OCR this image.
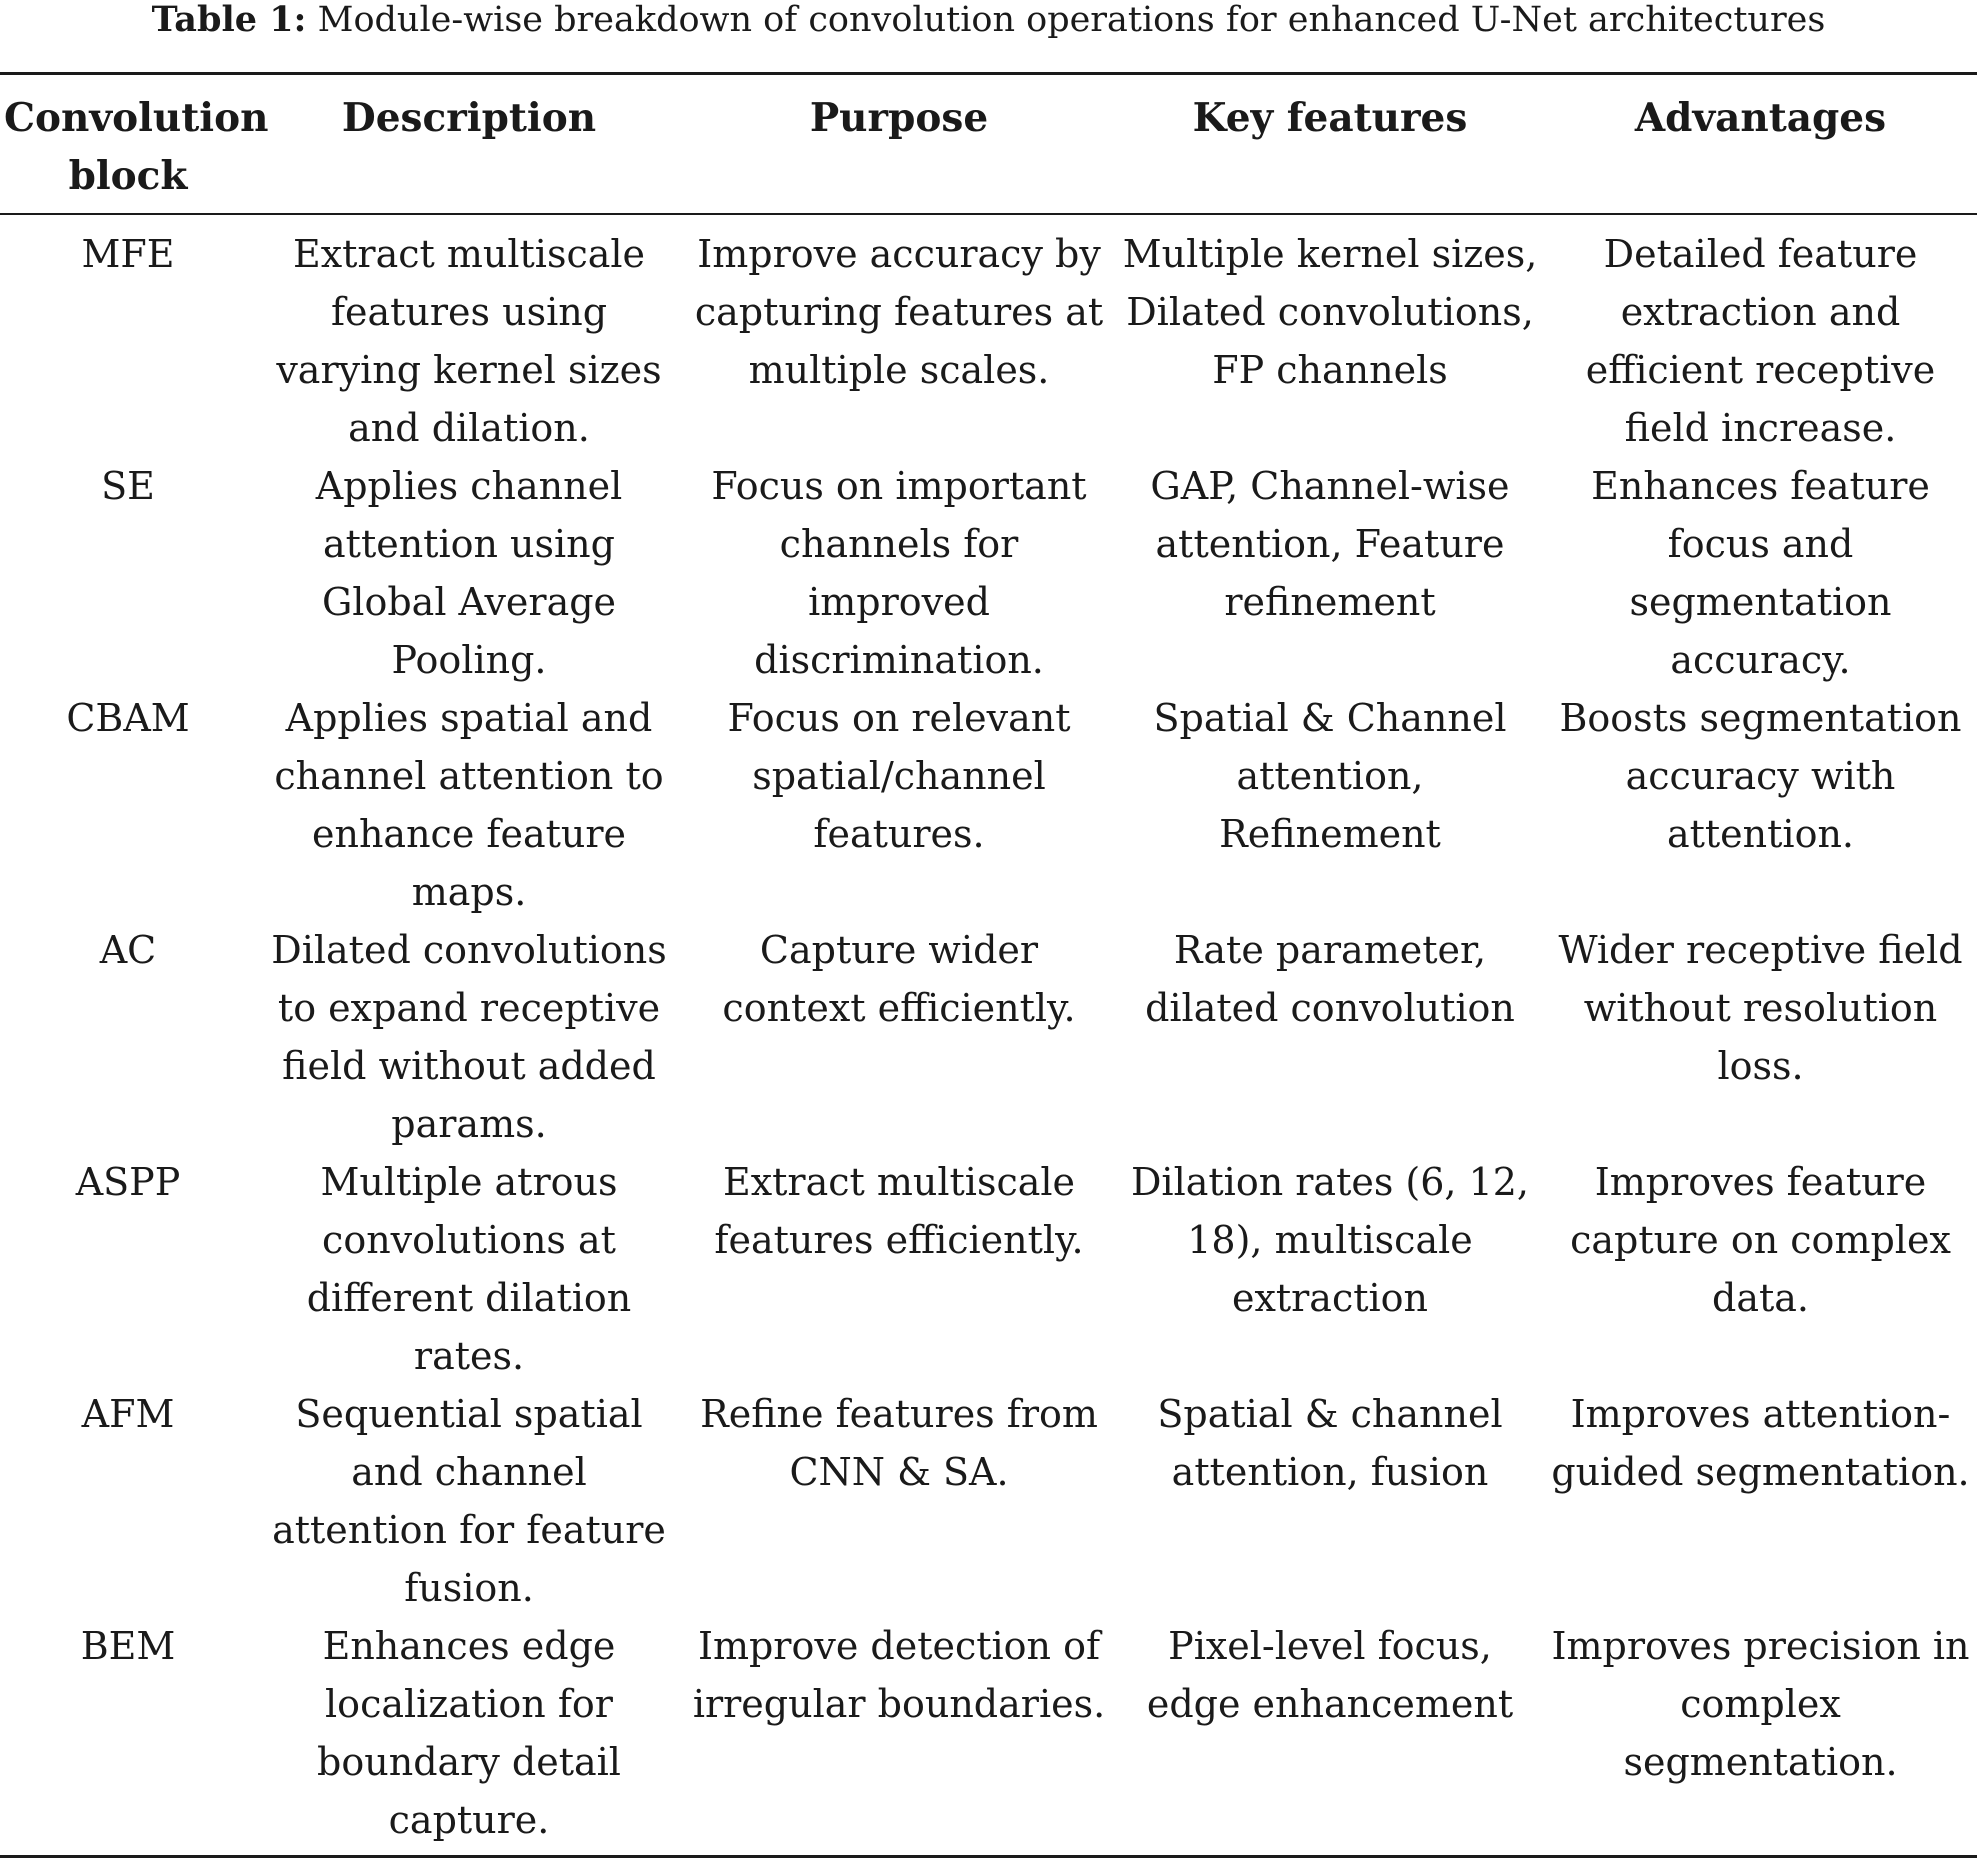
Table 1: Module-wise breakdown of convolution operations for enhanced U-Net architectures

Convolution block	Description	Purpose	Key features	Advantages
MFE	Extract multiscale features using varying kernel sizes and dilation.	Improve accuracy by capturing features at multiple scales.	Multiple kernel sizes, Dilated convolutions, FP channels	Detailed feature extraction and efficient receptive field increase.
SE	Applies channel attention using Global Average Pooling.	Focus on important channels for improved discrimination.	GAP, Channel-wise attention, Feature refinement	Enhances feature focus and segmentation accuracy.
CBAM	Applies spatial and channel attention to enhance feature maps.	Focus on relevant spatial/channel features.	Spatial & Channel attention, Refinement	Boosts segmentation accuracy with attention.
AC	Dilated convolutions to expand receptive field without added params.	Capture wider context efficiently.	Rate parameter, dilated convolution	Wider receptive field without resolution loss.
ASPP	Multiple atrous convolutions at different dilation rates.	Extract multiscale features efficiently.	Dilation rates (6, 12, 18), multiscale extraction	Improves feature capture on complex data.
AFM	Sequential spatial and channel attention for feature fusion.	Refine features from CNN & SA.	Spatial & channel attention, fusion	Improves attention-guided segmentation.
BEM	Enhances edge localization for boundary detail capture.	Improve detection of irregular boundaries.	Pixel-level focus, edge enhancement	Improves precision in complex segmentation.
